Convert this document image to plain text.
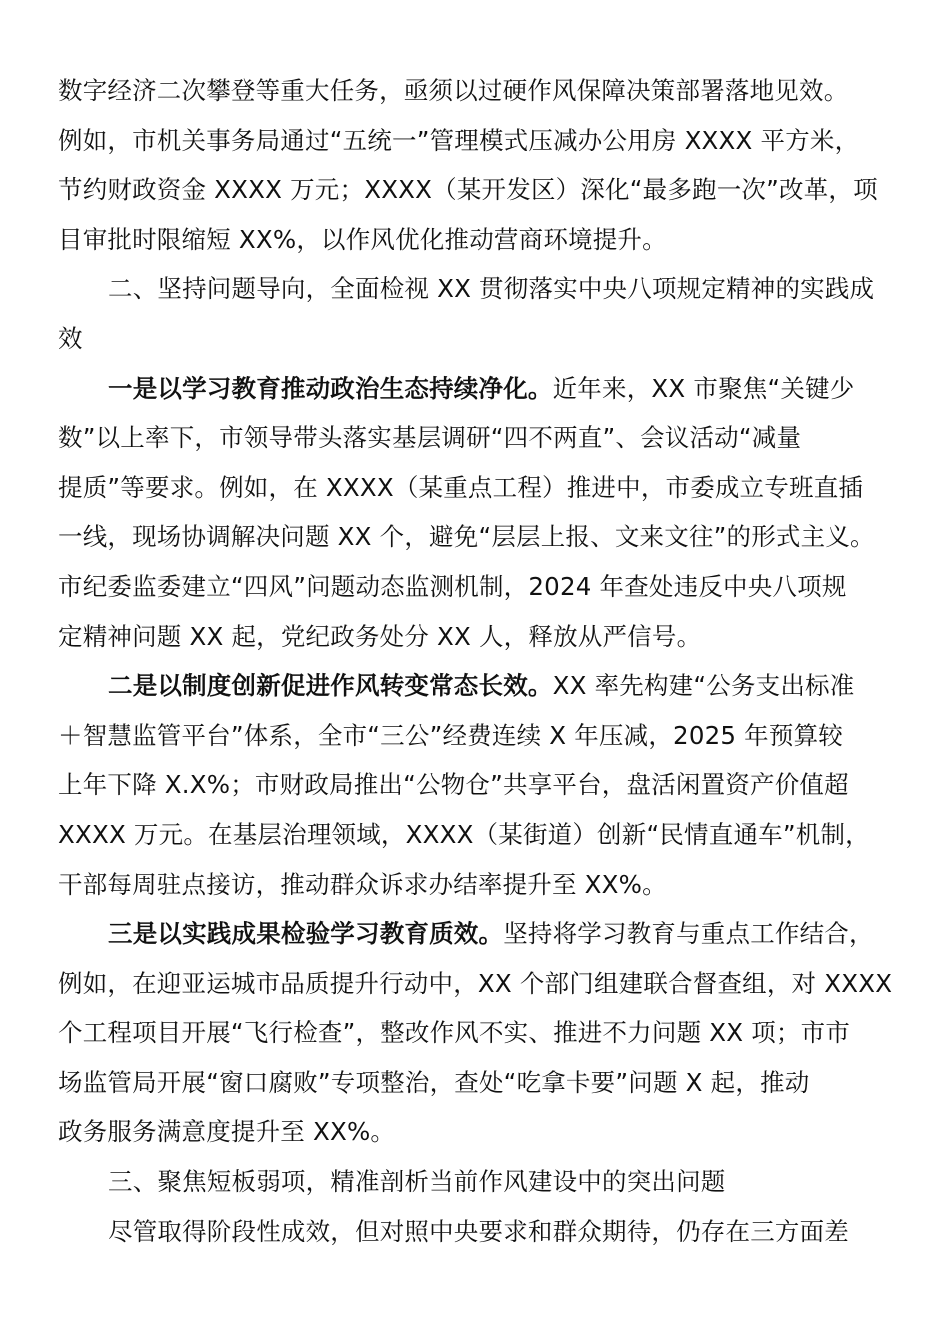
数字经济二次攀登等重大任务，亟须以过硬作风保障决策部署落地见效。
例如，市机关事务局通过“五统一”管理模式压减办公用房 XXXX 平方米，
节约财政资金 XXXX 万元；XXXX（某开发区）深化“最多跑一次”改革，项
目审批时限缩短 XX%，以作风优化推动营商环境提升。
二、坚持问题导向，全面检视 XX 贯彻落实中央八项规定精神的实践成
效
一是以学习教育推动政治生态持续净化。近年来，XX 市聚焦“关键少
数”以上率下，市领导带头落实基层调研“四不两直”、会议活动“减量
提质”等要求。例如，在 XXXX（某重点工程）推进中，市委成立专班直插
一线，现场协调解决问题 XX 个，避免“层层上报、文来文往”的形式主义。
市纪委监委建立“四风”问题动态监测机制，2024 年查处违反中央八项规
定精神问题 XX 起，党纪政务处分 XX 人，释放从严信号。
二是以制度创新促进作风转变常态长效。XX 率先构建“公务支出标准
＋智慧监管平台”体系，全市“三公”经费连续 X 年压减，2025 年预算较
上年下降 X.X%；市财政局推出“公物仓”共享平台，盘活闲置资产价值超
XXXX 万元。在基层治理领域，XXXX（某街道）创新“民情直通车”机制，
干部每周驻点接访，推动群众诉求办结率提升至 XX%。
三是以实践成果检验学习教育质效。坚持将学习教育与重点工作结合，
例如，在迎亚运城市品质提升行动中，XX 个部门组建联合督查组，对 XXXX
个工程项目开展“飞行检查”，整改作风不实、推进不力问题 XX 项；市市
场监管局开展“窗口腐败”专项整治，查处“吃拿卡要”问题 X 起，推动
政务服务满意度提升至 XX%。
三、聚焦短板弱项，精准剖析当前作风建设中的突出问题
尽管取得阶段性成效，但对照中央要求和群众期待，仍存在三方面差
